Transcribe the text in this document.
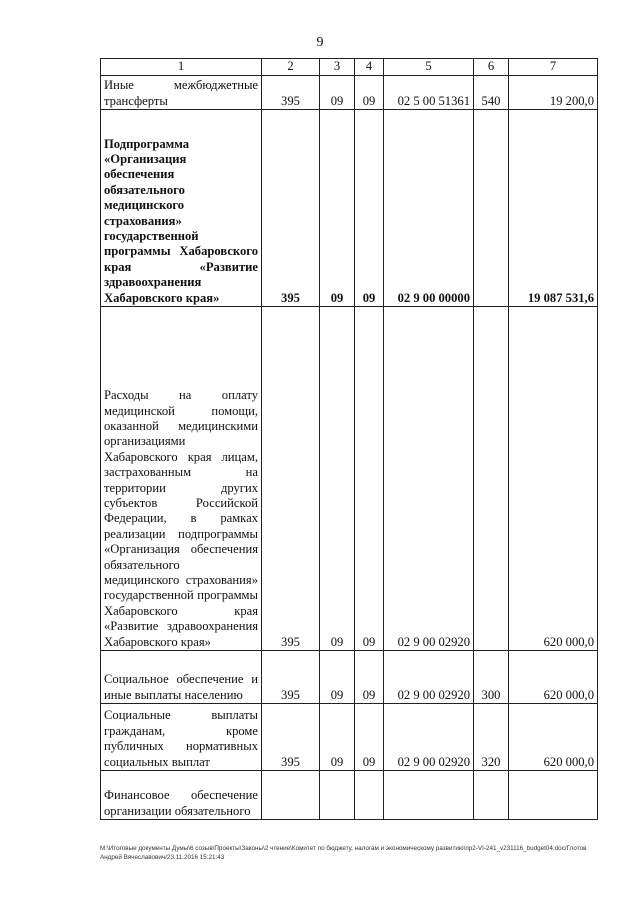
9
1	2	3	4	5	6	7
Иные межбюджетные трансферты	395	09	09	02 5 00 51361	540	19 200,0
Подпрограмма «Организация обеспечения обязательного медицинского страхования» государственной программы Хабаровского края «Развитие здравоохранения Хабаровского края»	395	09	09	02 9 00 00000		19 087 531,6
Расходы на оплату медицинской помощи, оказанной медицинскими организациями Хабаровского края лицам, застрахованным на территории других субъектов Российской Федерации, в рамках реализации подпрограммы «Организация обеспечения обязательного медицинского страхования» государственной программы Хабаровского края «Развитие здравоохранения Хабаровского края»	395	09	09	02 9 00 02920		620 000,0
Социальное обеспечение и иные выплаты населению	395	09	09	02 9 00 02920	300	620 000,0
Социальные выплаты гражданам, кроме публичных нормативных социальных выплат	395	09	09	02 9 00 02920	320	620 000,0
Финансовое обеспечение организации обязательного						
M:\Итоговые документы Думы\6 созыв\Проекты\Законы\2 чтение\Комитет по бюджету, налогам и экономическому развитию\пр2-VI-241_v231116_budget04.doc/Глотов Андрей Вячеславович/23.11.2016 15:21:43
